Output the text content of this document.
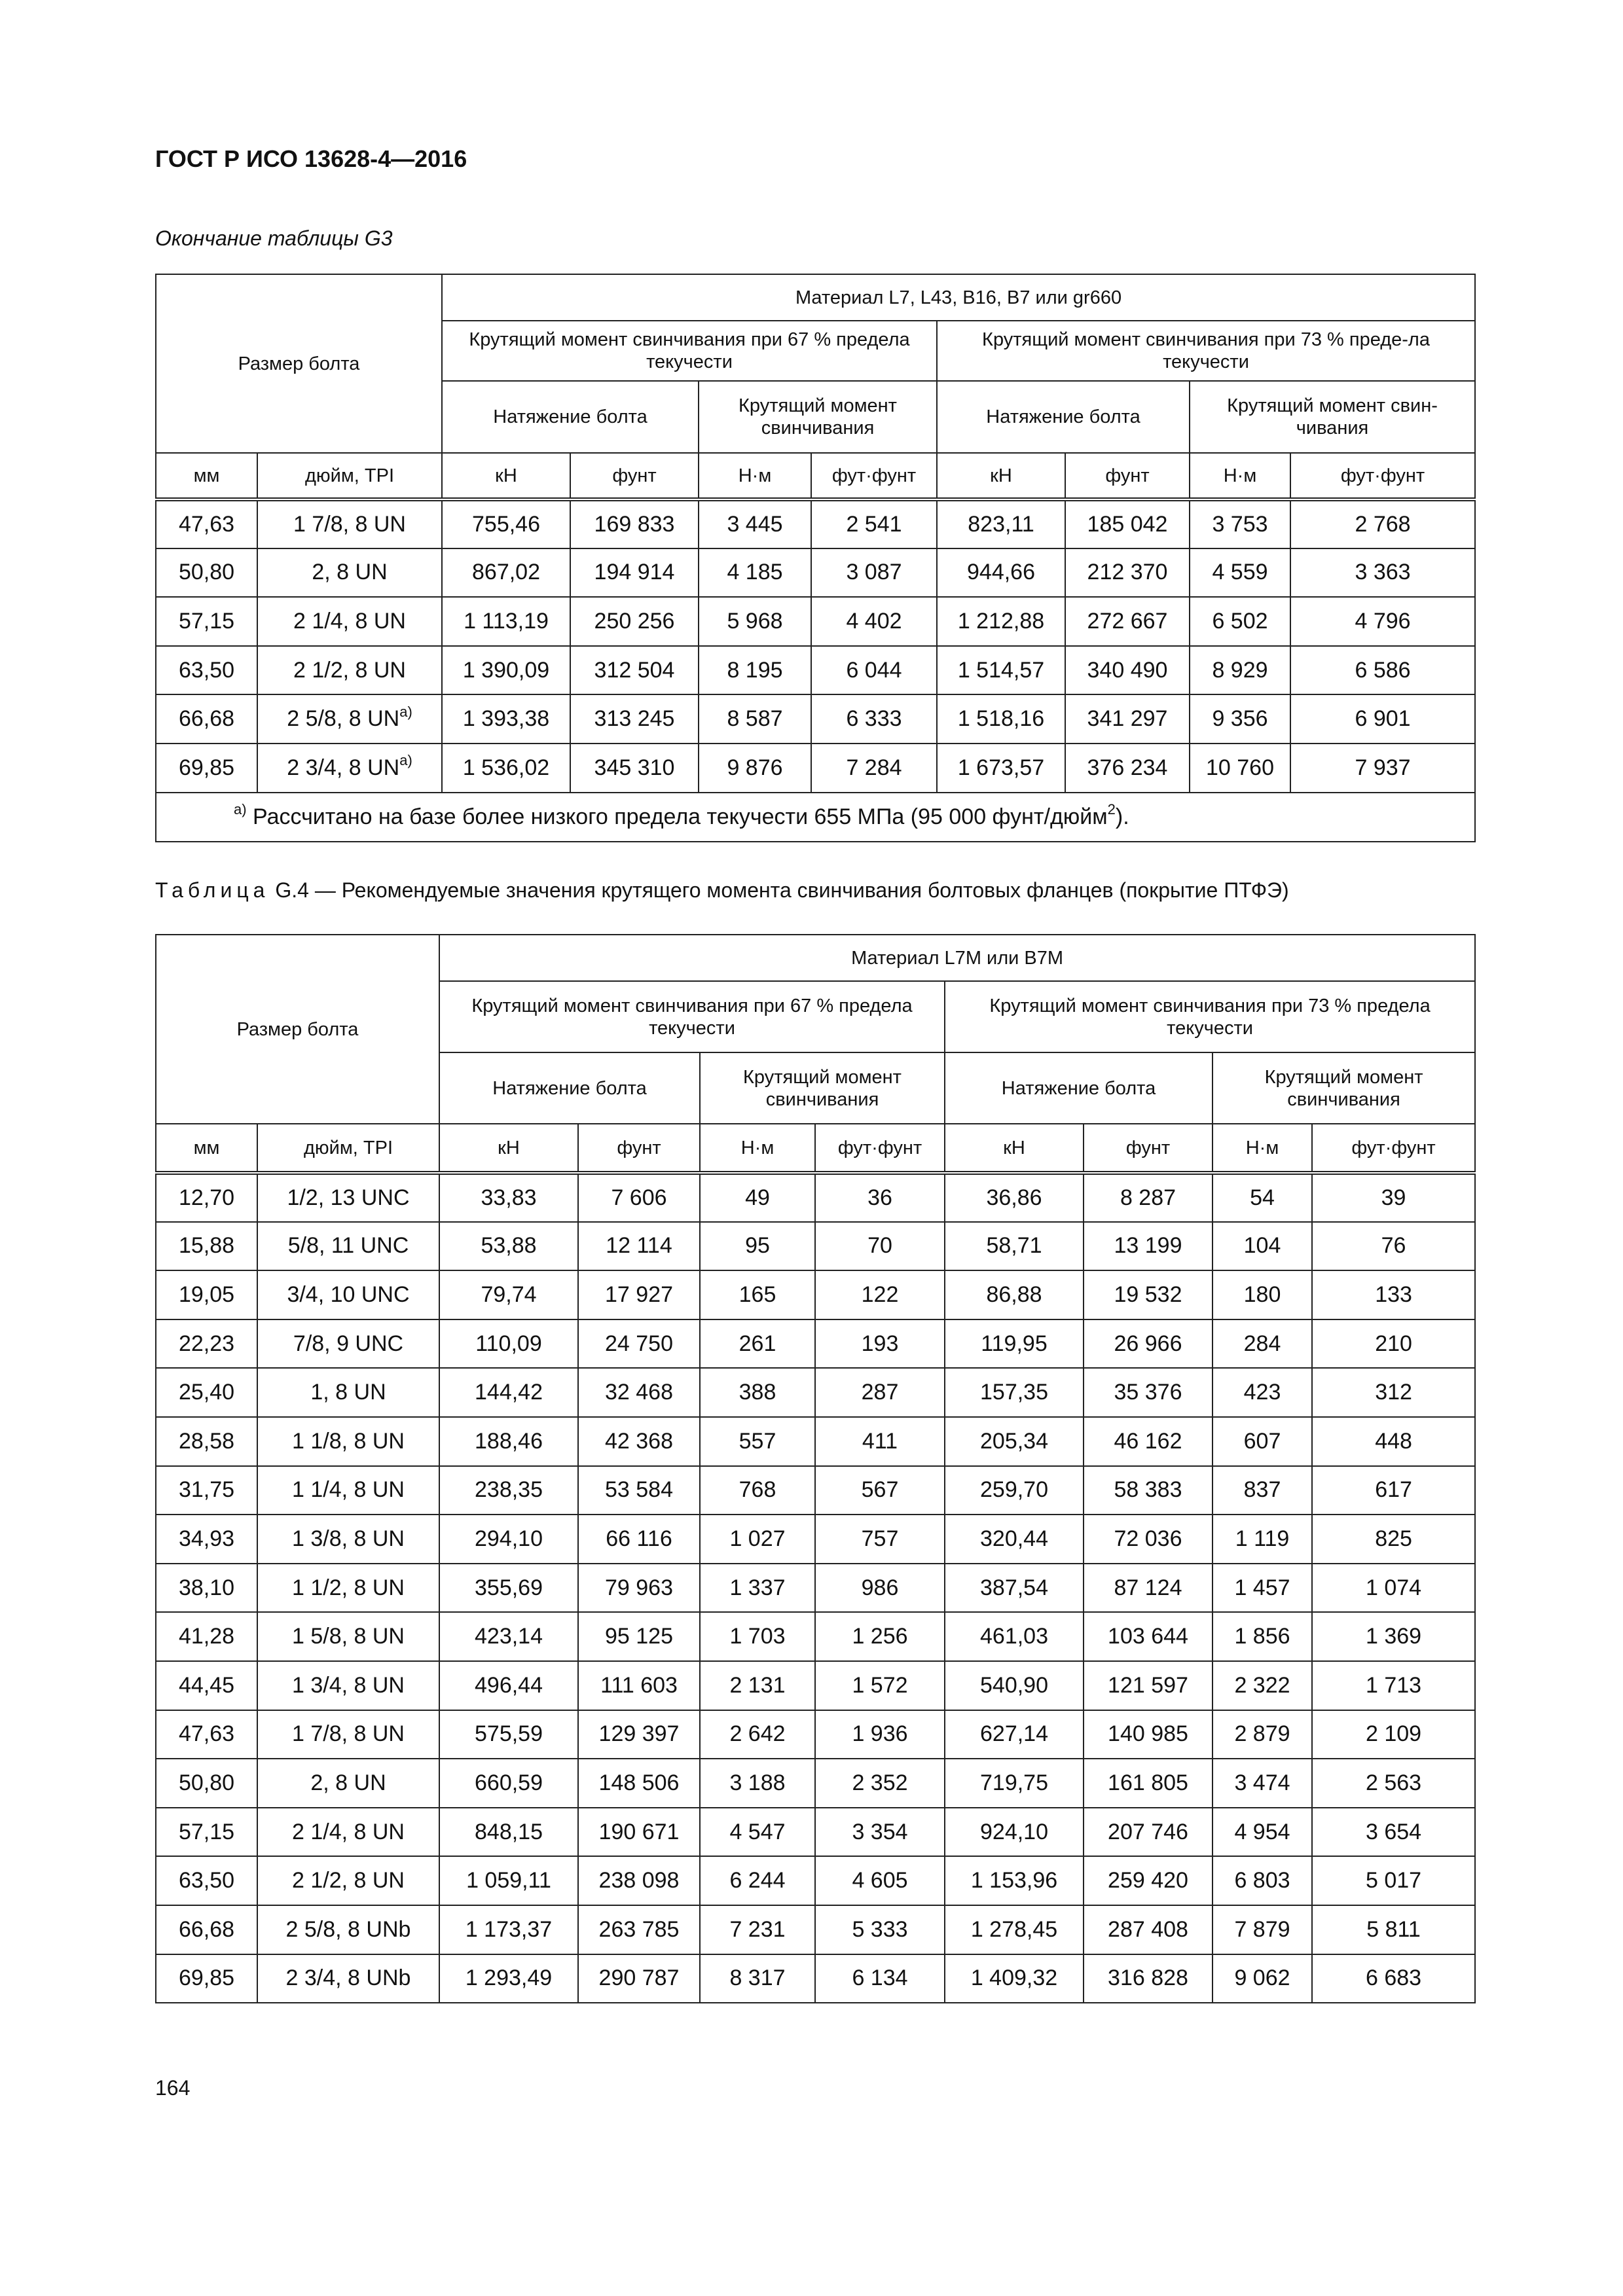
ГОСТ Р ИСО 13628-4—2016
Окончание таблицы G3
Размер болта		Материал L7, L43, B16, B7 или gr660							
		Крутящий момент свинчивания при 67 % предела текучести				Крутящий момент свинчивания при 73 % преде-ла текучести			
		Натяжение болта		Крутящий момент свинчивания		Натяжение болта		Крутящий момент свин-чивания	
мм	дюйм, TPI	кН	фунт	Н·м	фут·фунт	кН	фунт	Н·м	фут·фунт
47,63	1 7/8, 8 UN	755,46	169 833	3 445	2 541	823,11	185 042	3 753	2 768
50,80	2, 8 UN	867,02	194 914	4 185	3 087	944,66	212 370	4 559	3 363
57,15	2 1/4, 8 UN	1 113,19	250 256	5 968	4 402	1 212,88	272 667	6 502	4 796
63,50	2 1/2, 8 UN	1 390,09	312 504	8 195	6 044	1 514,57	340 490	8 929	6 586
66,68	2 5/8, 8 $UN^{а)}$	1 393,38	313 245	8 587	6 333	1 518,16	341 297	9 356	6 901
69,85	2 3/4, 8 $UN^{а)}$	1 536,02	345 310	9 876	7 284	1 673,57	376 234	10 760	7 937
$^{а)}$ Рассчитано на базе более низкого предела текучести 655 МПа (95 000 фунт/дюйм$^2$).									
Таблица G.4 — Рекомендуемые значения крутящего момента свинчивания болтовых фланцев (покрытие ПТФЭ)
Размер болта		Материал L7M или B7M							
		Крутящий момент свинчивания при 67 % предела текучести				Крутящий момент свинчивания при 73 % предела текучести			
		Натяжение болта		Крутящий момент свинчивания		Натяжение болта		Крутящий момент свинчивания	
мм	дюйм, TPI	кН	фунт	Н·м	фут·фунт	кН	фунт	Н·м	фут·фунт
12,70	1/2, 13 UNC	33,83	7 606	49	36	36,86	8 287	54	39
15,88	5/8, 11 UNC	53,88	12 114	95	70	58,71	13 199	104	76
19,05	3/4, 10 UNC	79,74	17 927	165	122	86,88	19 532	180	133
22,23	7/8, 9 UNC	110,09	24 750	261	193	119,95	26 966	284	210
25,40	1, 8 UN	144,42	32 468	388	287	157,35	35 376	423	312
28,58	1 1/8, 8 UN	188,46	42 368	557	411	205,34	46 162	607	448
31,75	1 1/4, 8 UN	238,35	53 584	768	567	259,70	58 383	837	617
34,93	1 3/8, 8 UN	294,10	66 116	1 027	757	320,44	72 036	1 119	825
38,10	1 1/2, 8 UN	355,69	79 963	1 337	986	387,54	87 124	1 457	1 074
41,28	1 5/8, 8 UN	423,14	95 125	1 703	1 256	461,03	103 644	1 856	1 369
44,45	1 3/4, 8 UN	496,44	111 603	2 131	1 572	540,90	121 597	2 322	1 713
47,63	1 7/8, 8 UN	575,59	129 397	2 642	1 936	627,14	140 985	2 879	2 109
50,80	2, 8 UN	660,59	148 506	3 188	2 352	719,75	161 805	3 474	2 563
57,15	2 1/4, 8 UN	848,15	190 671	4 547	3 354	924,10	207 746	4 954	3 654
63,50	2 1/2, 8 UN	1 059,11	238 098	6 244	4 605	1 153,96	259 420	6 803	5 017
66,68	2 5/8, 8 UNb	1 173,37	263 785	7 231	5 333	1 278,45	287 408	7 879	5 811
69,85	2 3/4, 8 UNb	1 293,49	290 787	8 317	6 134	1 409,32	316 828	9 062	6 683
164
